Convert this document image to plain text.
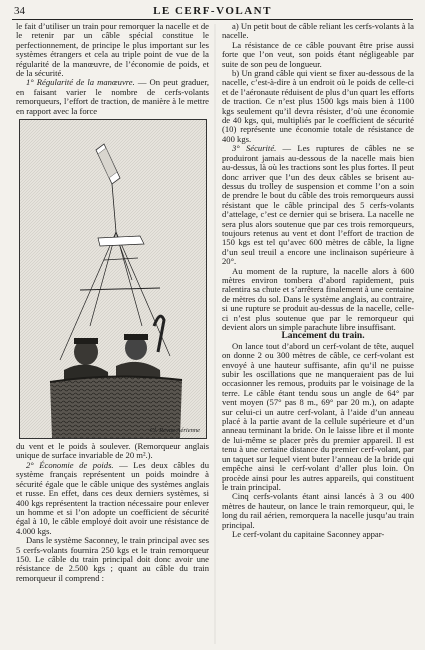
34	LE CERF-VOLANT

le fait d’utiliser un train pour remorquer la nacelle et de le retenir par un câble spécial constitue le perfectionnement, de principe le plus important sur les systèmes étrangers et cela au triple point de vue de la régularité de la manœuvre, de l’économie de poids, et de la sécurité.

1° Régularité de la manœuvre. — On peut graduer, en faisant varier le nombre de cerfs-volants remorqueurs, l’effort de traction, de manière à le mettre en rapport avec la force

Cl. Revue Aérienne

du vent et le poids à soulever. (Remorqueur anglais unique de surface invariable de 20 m².).

2° Économie de poids. — Les deux câbles du système français représentent un poids moindre à sécurité égale que le câble unique des systèmes anglais et russe. En effet, dans ces deux derniers systèmes, si 400 kgs représentent la traction nécessaire pour enlever un homme et si l’on adopte un coefficient de sécurité égal à 10, le câble employé doit avoir une résistance de 4.000 kgs.

Dans le système Saconney, le train principal avec ses 5 cerfs-volants fournira 250 kgs et le train remorqueur 150. Le câble du train principal doit donc avoir une résistance de 2.500 kgs ; quant au câble du train remorqueur il comprend :

a) Un petit bout de câble reliant les cerfs-volants à la nacelle.

La résistance de ce câble pouvant être prise aussi forte que l’on veut, son poids étant négligeable par suite de son peu de longueur.

b) Un grand câble qui vient se fixer au-dessous de la nacelle, c’est-à-dire à un endroit où le poids de celle-ci et de l’aéronaute réduisent de plus d’un quart les efforts de traction. Ce n’est plus 1500 kgs mais bien à 1100 kgs seulement qu’il devra résister, d’où une économie de 40 kgs, qui, multipliés par le coefficient de sécurité (10) représente une économie totale de résistance de 400 kgs.

3° Sécurité. — Les ruptures de câbles ne se produiront jamais au-dessous de la nacelle mais bien au-dessus, là où les tractions sont les plus fortes. Il peut donc arriver que l’un des deux câbles se brisent au-dessus du trolley de suspension et comme l’on a soin de prendre le bout du câble des trois remorqueurs aussi résistant que le câble principal des 5 cerfs-volants d’attelage, c’est ce dernier qui se brisera. La nacelle ne sera plus alors soutenue que par ces trois remorqueurs, toujours retenus au vent et dont l’effort de traction de 150 kgs est tel qu’avec 600 mètres de câble, la ligne d’un seul treuil a encore une inclinaison supérieure à 20°.

Au moment de la rupture, la nacelle alors à 600 mètres environ tombera d’abord rapidement, puis ralentira sa chute et s’arrêtera finalement à une centaine de mètres du sol. Dans le système anglais, au contraire, si une rupture se produit au-dessus de la nacelle, celle-ci n’est plus soutenue que par le remorqueur qui devient alors un simple parachute libre insuffisant.

Lancement du train.

On lance tout d’abord un cerf-volant de tête, auquel on donne 2 ou 300 mètres de câble, ce cerf-volant est envoyé à une hauteur suffisante, afin qu’il ne puisse subir les oscillations que ne manqueraient pas de lui occasionner les remous, produits par le voisinage de la terre. Le câble étant tendu sous un angle de 64° par vent moyen (57° pas 8 m., 69° par 20 m.), on adapte sur celui-ci un autre cerf-volant, à l’aide d’un anneau placé à la partie avant de la cellule supérieure et d’un anneau terminant la bride. On le laisse libre et il monte de lui-même se placer près du premier appareil. Il est tenu à une certaine distance du premier cerf-volant, par un taquet sur lequel vient buter l’anneau de la bride qui empêche ainsi le cerf-volant d’aller plus loin. On procède ainsi pour les autres appareils, qui constituent le train principal.

Cinq cerfs-volants étant ainsi lancés à 3 ou 400 mètres de hauteur, on lance le train remorqueur, qui, le long du rail aérien, remorquera la nacelle jusqu’au train principal.

Le cerf-volant du capitaine Saconney appar-
